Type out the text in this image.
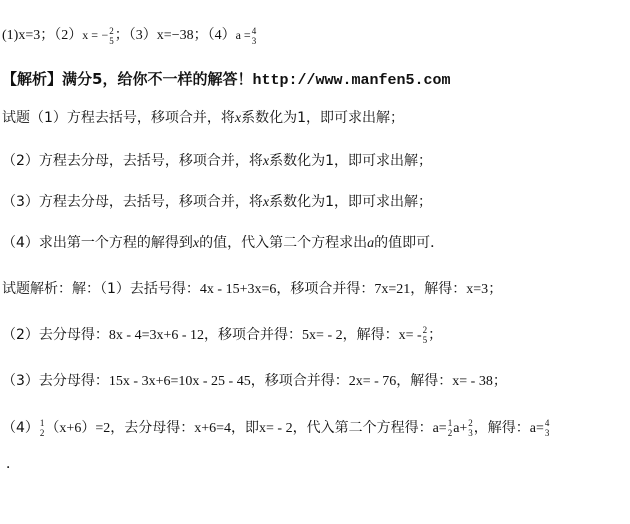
(1)x=3；（2）x = − 2
5 ；（3）x=−38；（4）a = 4
3
【解析】满分5，给你不一样的解答！http://www.manfen5.com
试题（1）方程去括号，移项合并，将x系数化为1，即可求出解；
（2）方程去分母，去括号，移项合并，将x系数化为1，即可求出解；
（3）方程去分母，去括号，移项合并，将x系数化为1，即可求出解；
（4）求出第一个方程的解得到x的值，代入第二个方程求出a的值即可．
试题解析：解：（1）去括号得：4x - 15+3x=6，移项合并得：7x=21，解得：x=3；
（2）去分母得：8x - 4=3x+6 - 12，移项合并得：5x= - 2，解得：x= - 2
5 ；
（3）去分母得：15x - 3x+6=10x - 25 - 45，移项合并得：2x= - 76，解得：x= - 38；
（4） 1
2 （x+6）=2，去分母得：x+6=4，即x= - 2，代入第二个方程得：a= 1
2 a+ 2
3 ，解得：a= 4
3
．
